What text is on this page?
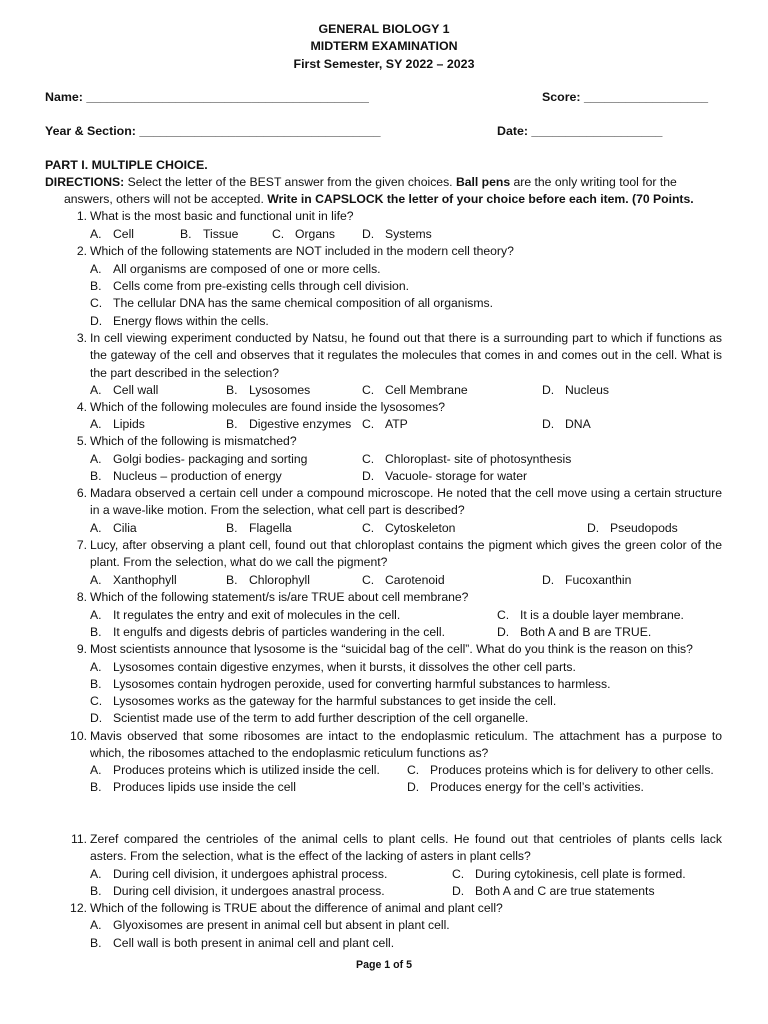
GENERAL BIOLOGY 1
MIDTERM EXAMINATION
First Semester, SY 2022 – 2023
Name: _________________________________________	Score: __________________
Year & Section: ___________________________________	Date: ___________________
PART I. MULTIPLE CHOICE.
DIRECTIONS: Select the letter of the BEST answer from the given choices. Ball pens are the only writing tool for the
answers, others will not be accepted. Write in CAPSLOCK the letter of your choice before each item. (70 Points.
1. What is the most basic and functional unit in life?
A. Cell	B. Tissue	C. Organs D. Systems
2. Which of the following statements are NOT included in the modern cell theory?
A. All organisms are composed of one or more cells.
B. Cells come from pre-existing cells through cell division.
C. The cellular DNA has the same chemical composition of all organisms.
D. Energy flows within the cells.
3. In cell viewing experiment conducted by Natsu, he found out that there is a surrounding part to which if functions as the gateway of the cell and observes that it regulates the molecules that comes in and comes out in the cell. What is the part described in the selection?
A. Cell wall	B. Lysosomes	C. Cell Membrane	D. Nucleus
4. Which of the following molecules are found inside the lysosomes?
A. Lipids	B. Digestive enzymes C. ATP	D. DNA
5. Which of the following is mismatched?
A. Golgi bodies- packaging and sorting	C. Chloroplast- site of photosynthesis
B. Nucleus – production of energy	D. Vacuole- storage for water
6. Madara observed a certain cell under a compound microscope. He noted that the cell move using a certain structure in a wave-like motion. From the selection, what cell part is described?
A. Cilia	B. Flagella	C. Cytoskeleton	D. Pseudopods
7. Lucy, after observing a plant cell, found out that chloroplast contains the pigment which gives the green color of the plant. From the selection, what do we call the pigment?
A. Xanthophyll	B. Chlorophyll	C. Carotenoid	D. Fucoxanthin
8. Which of the following statement/s is/are TRUE about cell membrane?
A. It regulates the entry and exit of molecules in the cell.	C. It is a double layer membrane.
B. It engulfs and digests debris of particles wandering in the cell.	D. Both A and B are TRUE.
9. Most scientists announce that lysosome is the “suicidal bag of the cell”. What do you think is the reason on this?
A. Lysosomes contain digestive enzymes, when it bursts, it dissolves the other cell parts.
B. Lysosomes contain hydrogen peroxide, used for converting harmful substances to harmless.
C. Lysosomes works as the gateway for the harmful substances to get inside the cell.
D. Scientist made use of the term to add further description of the cell organelle.
10. Mavis observed that some ribosomes are intact to the endoplasmic reticulum. The attachment has a purpose to which, the ribosomes attached to the endoplasmic reticulum functions as?
A. Produces proteins which is utilized inside the cell. C. Produces proteins which is for delivery to other cells.
B. Produces lipids use inside the cell	D. Produces energy for the cell’s activities.
11. Zeref compared the centrioles of the animal cells to plant cells. He found out that centrioles of plants cells lack asters. From the selection, what is the effect of the lacking of asters in plant cells?
A. During cell division, it undergoes aphistral process.	C. During cytokinesis, cell plate is formed.
B. During cell division, it undergoes anastral process.	D. Both A and C are true statements
12. Which of the following is TRUE about the difference of animal and plant cell?
A. Glyoxisomes are present in animal cell but absent in plant cell.
B. Cell wall is both present in animal cell and plant cell.
Page 1 of 5
